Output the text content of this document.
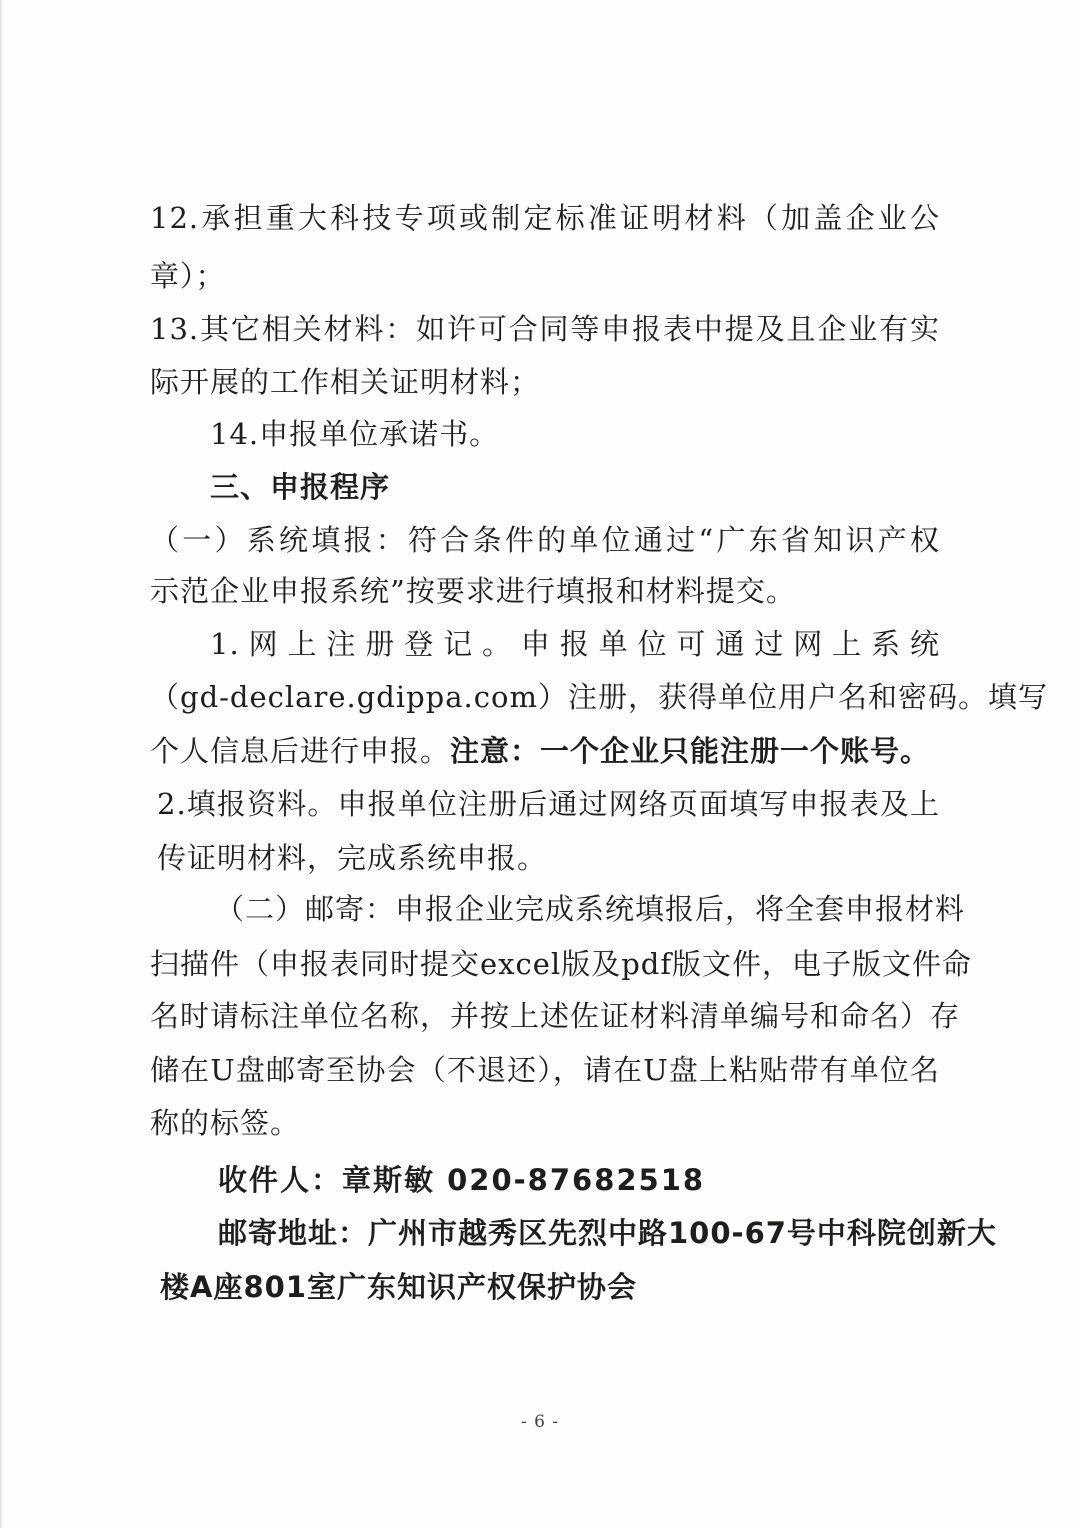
12.承担重大科技专项或制定标准证明材料（加盖企业公
章）；
13.其它相关材料：如许可合同等申报表中提及且企业有实
际开展的工作相关证明材料；
14.申报单位承诺书。
三、申报程序
（一）系统填报：符合条件的单位通过“广东省知识产权
示范企业申报系统”按要求进行填报和材料提交。
1.网上注册登记。申报单位可通过网上系统
（gd-declare.gdippa.com）注册，获得单位用户名和密码。填写
个人信息后进行申报。注意：一个企业只能注册一个账号。
2.填报资料。申报单位注册后通过网络页面填写申报表及上
传证明材料，完成系统申报。
（二）邮寄：申报企业完成系统填报后，将全套申报材料
扫描件（申报表同时提交excel版及pdf版文件，电子版文件命
名时请标注单位名称，并按上述佐证材料清单编号和命名）存
储在U盘邮寄至协会（不退还），请在U盘上粘贴带有单位名
称的标签。
收件人：章斯敏 020-87682518
邮寄地址：广州市越秀区先烈中路100-67号中科院创新大
楼A座801室广东知识产权保护协会
- 6 -
